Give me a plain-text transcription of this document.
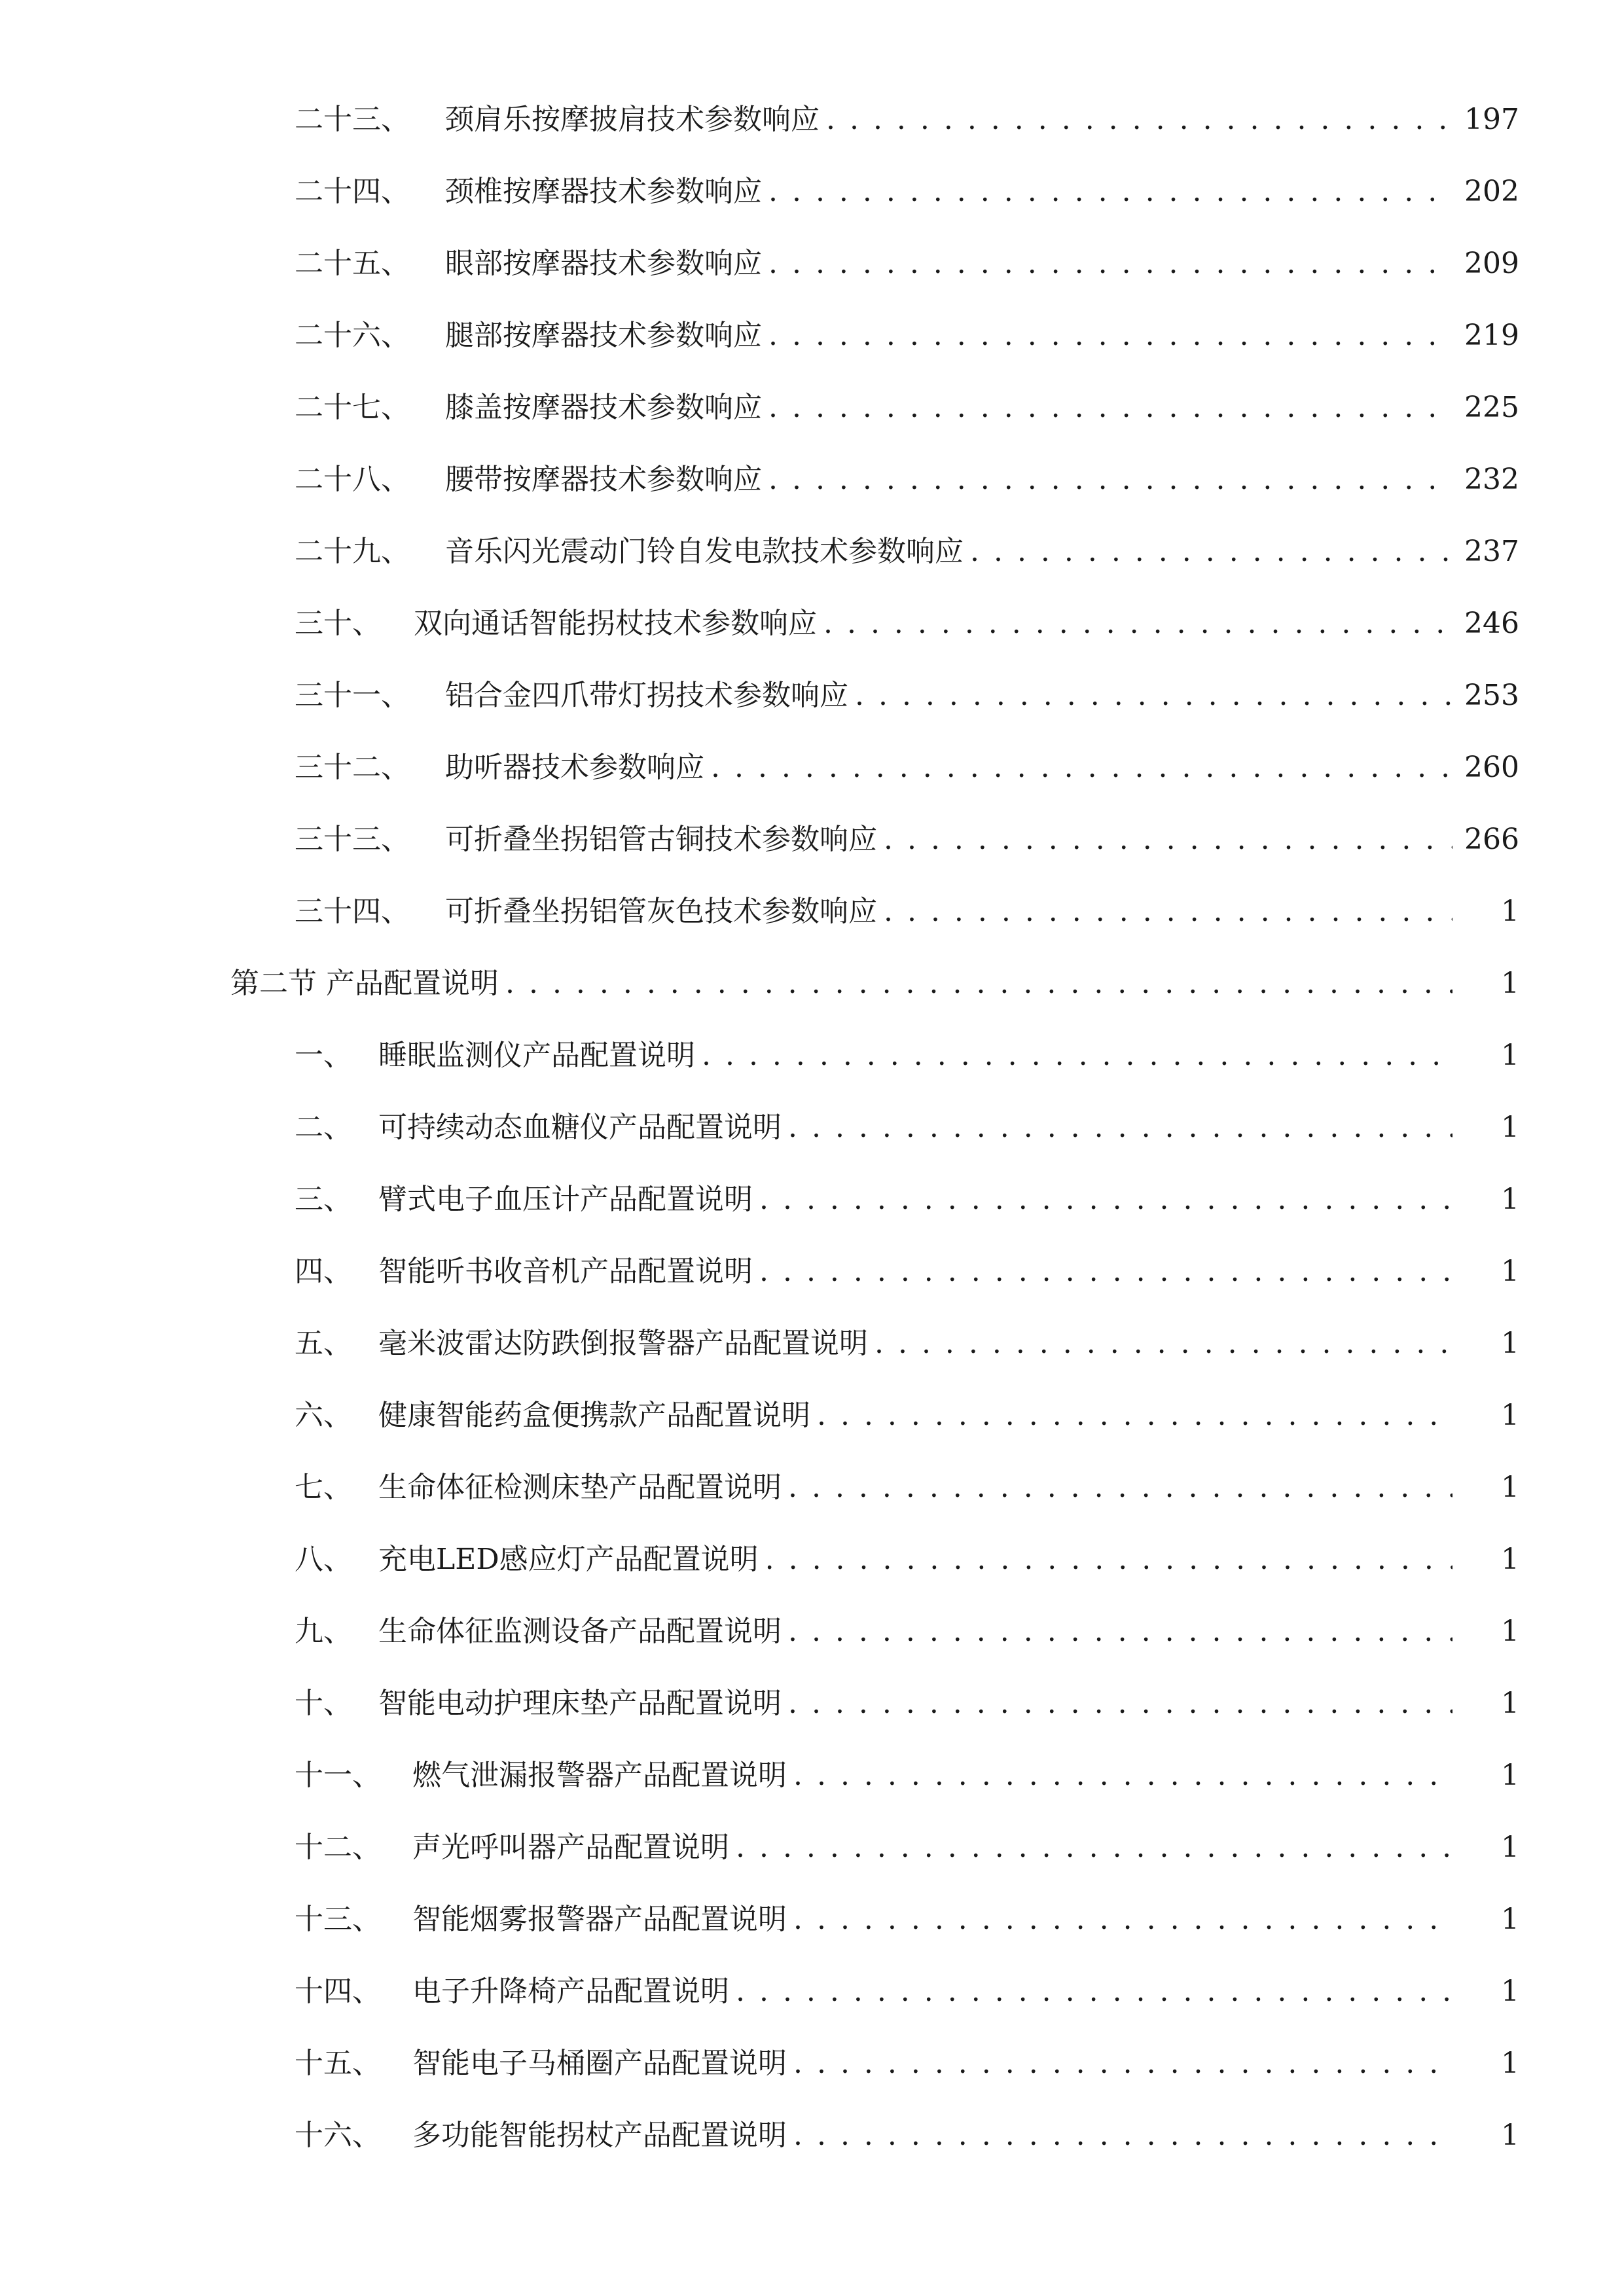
二十三、	颈肩乐按摩披肩技术参数响应 . . .	197
二十四、	颈椎按摩器技术参数响应 . . .	202
二十五、	眼部按摩器技术参数响应 . . .	209
二十六、	腿部按摩器技术参数响应 . . .	219
二十七、	膝盖按摩器技术参数响应 . . .	225
二十八、	腰带按摩器技术参数响应 . . .	232
二十九、	音乐闪光震动门铃自发电款技术参数响应 . . .	237
三十、	双向通话智能拐杖技术参数响应 . . .	246
三十一、	铝合金四爪带灯拐技术参数响应 . . .	253
三十二、	助听器技术参数响应 . . .	260
三十三、	可折叠坐拐铝管古铜技术参数响应 . . .	266
三十四、	可折叠坐拐铝管灰色技术参数响应 . . .	1
第二节 产品配置说明 . . .	1
一、 睡眠监测仪产品配置说明 . . .	1
二、 可持续动态血糖仪产品配置说明 . . .	1
三、 臂式电子血压计产品配置说明 . . .	1
四、 智能听书收音机产品配置说明 . . .	1
五、 毫米波雷达防跌倒报警器产品配置说明 . . .	1
六、 健康智能药盒便携款产品配置说明 . . .	1
七、 生命体征检测床垫产品配置说明 . . .	1
八、 充电LED感应灯产品配置说明 . . .	1
九、 生命体征监测设备产品配置说明 . . .	1
十、 智能电动护理床垫产品配置说明 . . .	1
十一、	燃气泄漏报警器产品配置说明 . . .	1
十二、	声光呼叫器产品配置说明 . . .	1
十三、	智能烟雾报警器产品配置说明 . . .	1
十四、	电子升降椅产品配置说明 . . .	1
十五、	智能电子马桶圈产品配置说明 . . .	1
十六、	多功能智能拐杖产品配置说明 . . .	1
